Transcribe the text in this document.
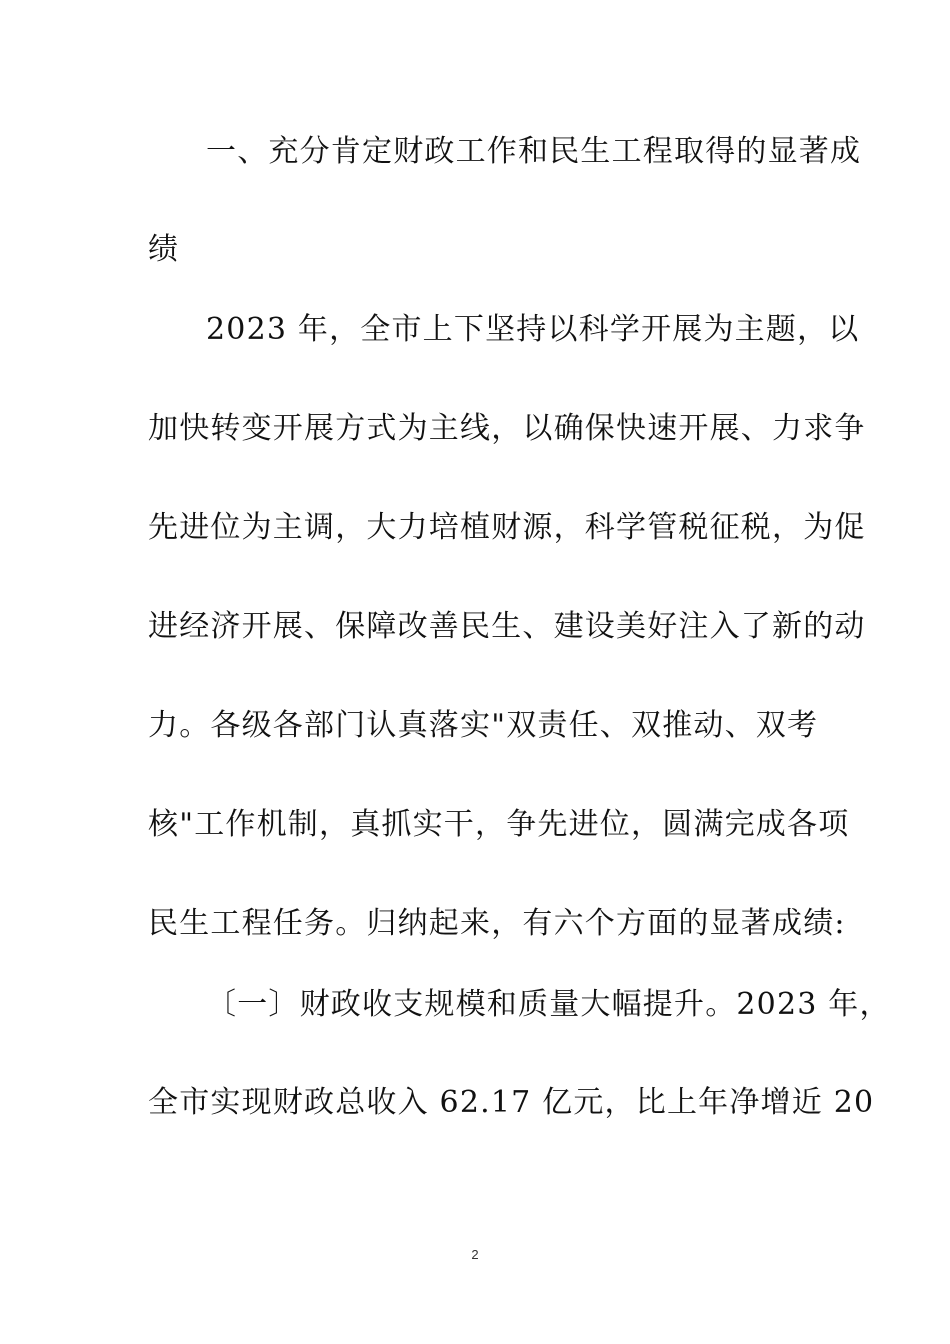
一、充分肯定财政工作和民生工程取得的显著成
绩
2023 年，全市上下坚持以科学开展为主题，以
加快转变开展方式为主线，以确保快速开展、力求争
先进位为主调，大力培植财源，科学管税征税，为促
进经济开展、保障改善民生、建设美好注入了新的动
力。各级各部门认真落实"双责任、双推动、双考
核"工作机制，真抓实干，争先进位，圆满完成各项
民生工程任务。归纳起来，有六个方面的显著成绩:
〔一〕财政收支规模和质量大幅提升。2023 年，
全市实现财政总收入 62.17 亿元，比上年净增近 20
2
